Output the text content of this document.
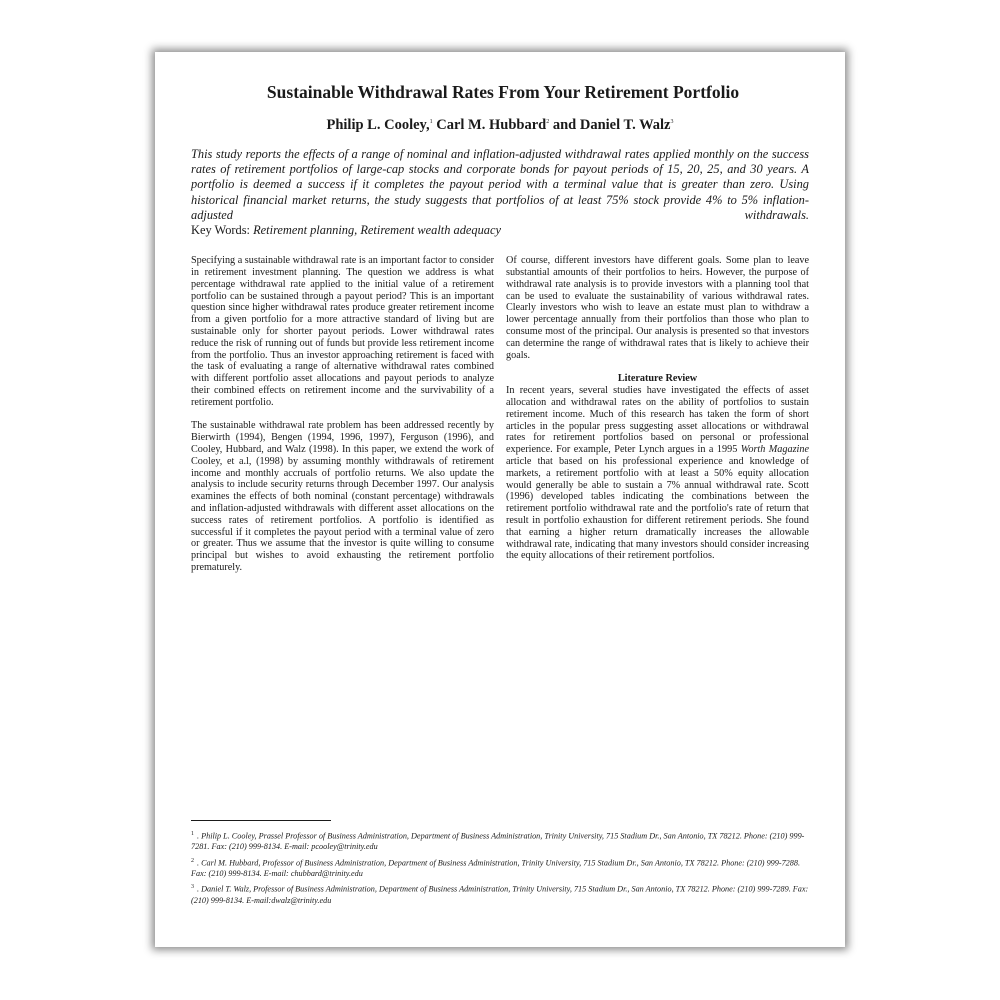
Sustainable Withdrawal Rates From Your Retirement Portfolio
Philip L. Cooley,$^1$ Carl M. Hubbard$^2$ and Daniel T. Walz$^3$

This study reports the effects of a range of nominal and inflation-adjusted withdrawal rates applied monthly on the success rates of retirement portfolios of large-cap stocks and corporate bonds for payout periods of 15, 20, 25, and 30 years. A portfolio is deemed a success if it completes the payout period with a terminal value that is greater than zero. Using historical financial market returns, the study suggests that portfolios of at least 75% stock provide 4% to 5% inflation-adjusted withdrawals.

Key Words: Retirement planning, Retirement wealth adequacy

Specifying a sustainable withdrawal rate is an important factor to consider in retirement investment planning. The question we address is what percentage withdrawal rate applied to the initial value of a retirement portfolio can be sustained through a payout period? This is an important question since higher withdrawal rates produce greater retirement income from a given portfolio for a more attractive standard of living but are sustainable only for shorter payout periods. Lower withdrawal rates reduce the risk of running out of funds but provide less retirement income from the portfolio. Thus an investor approaching retirement is faced with the task of evaluating a range of alternative withdrawal rates combined with different portfolio asset allocations and payout periods to analyze their combined effects on retirement income and the survivability of a retirement portfolio.

The sustainable withdrawal rate problem has been addressed recently by Bierwirth (1994), Bengen (1994, 1996, 1997), Ferguson (1996), and Cooley, Hubbard, and Walz (1998). In this paper, we extend the work of Cooley, et a.l, (1998) by assuming monthly withdrawals of retirement income and monthly accruals of portfolio returns. We also update the analysis to include security returns through December 1997. Our analysis examines the effects of both nominal (constant percentage) withdrawals and inflation-adjusted withdrawals with different asset allocations on the success rates of retirement portfolios. A portfolio is identified as successful if it completes the payout period with a terminal value of zero or greater. Thus we assume that the investor is quite willing to consume principal but wishes to avoid exhausting the retirement portfolio prematurely.

Of course, different investors have different goals. Some plan to leave substantial amounts of their portfolios to heirs. However, the purpose of withdrawal rate analysis is to provide investors with a planning tool that can be used to evaluate the sustainability of various withdrawal rates. Clearly investors who wish to leave an estate must plan to withdraw a lower percentage annually from their portfolios than those who plan to consume most of the principal. Our analysis is presented so that investors can determine the range of withdrawal rates that is likely to achieve their goals.

Literature Review

In recent years, several studies have investigated the effects of asset allocation and withdrawal rates on the ability of portfolios to sustain retirement income. Much of this research has taken the form of short articles in the popular press suggesting asset allocations or withdrawal rates for retirement portfolios based on personal or professional experience. For example, Peter Lynch argues in a 1995 Worth Magazine article that based on his professional experience and knowledge of markets, a retirement portfolio with at least a 50% equity allocation would generally be able to sustain a 7% annual withdrawal rate. Scott (1996) developed tables indicating the combinations between the retirement portfolio withdrawal rate and the portfolio's rate of return that result in portfolio exhaustion for different retirement periods. She found that earning a higher return dramatically increases the allowable withdrawal rate, indicating that many investors should consider increasing the equity allocations of their retirement portfolios.

$^1$ . Philip L. Cooley, Prassel Professor of Business Administration, Department of Business Administration, Trinity University, 715 Stadium Dr., San Antonio, TX 78212. Phone: (210) 999-7281. Fax: (210) 999-8134. E-mail: pcooley@trinity.edu

$^2$ . Carl M. Hubbard, Professor of Business Administration, Department of Business Administration, Trinity University, 715 Stadium Dr., San Antonio, TX 78212. Phone: (210) 999-7288. Fax: (210) 999-8134. E-mail: chubbard@trinity.edu

$^3$ . Daniel T. Walz, Professor of Business Administration, Department of Business Administration, Trinity University, 715 Stadium Dr., San Antonio, TX 78212. Phone: (210) 999-7289. Fax: (210) 999-8134. E-mail:dwalz@trinity.edu
